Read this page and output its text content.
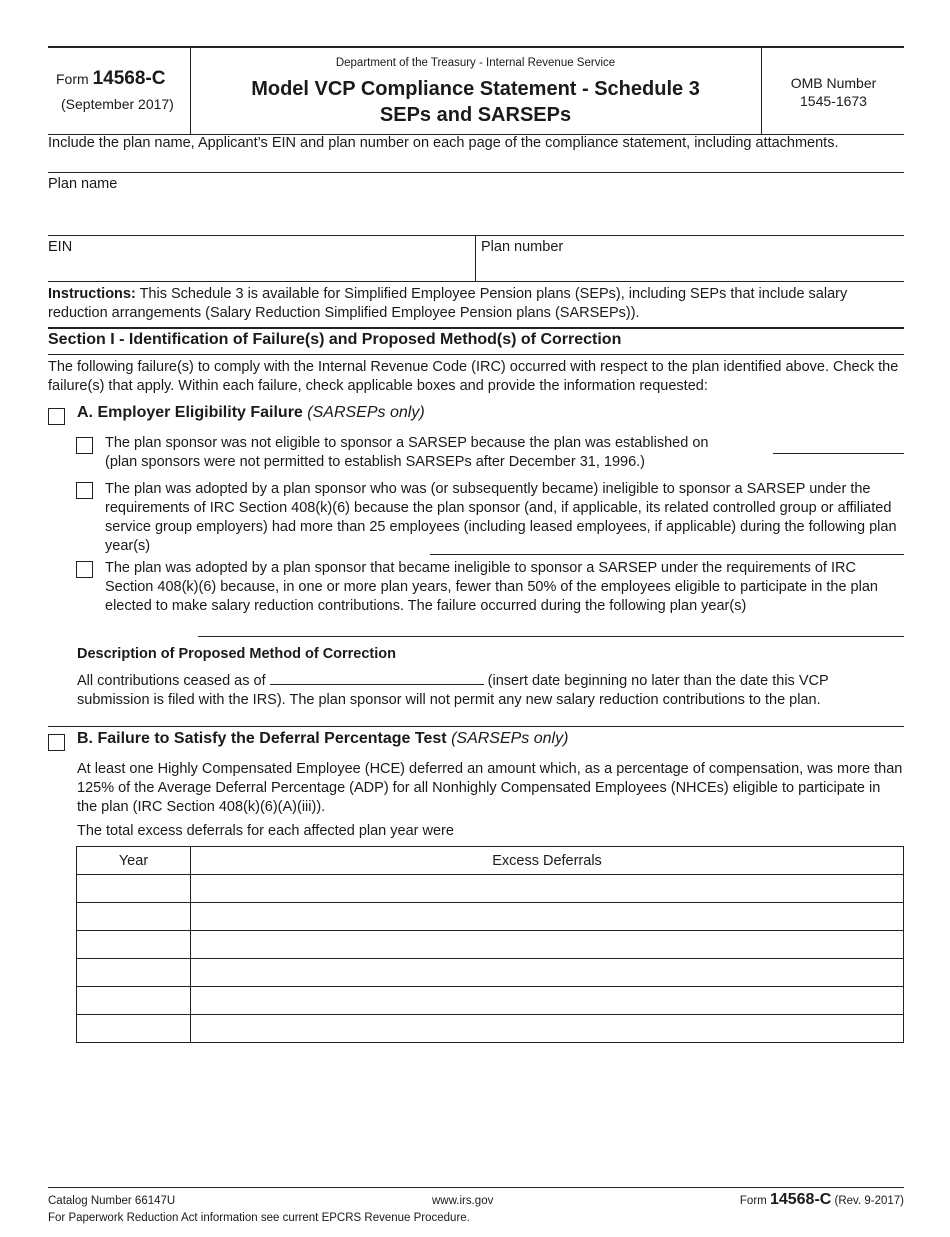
Form 14568-C
(September 2017)
Department of the Treasury - Internal Revenue Service
Model VCP Compliance Statement - Schedule 3
SEPs and SARSEPs
OMB Number
1545-1673
Include the plan name, Applicant’s EIN and plan number on each page of the compliance statement, including attachments.
Plan name
EIN	Plan number
Instructions: This Schedule 3 is available for Simplified Employee Pension plans (SEPs), including SEPs that include salary reduction arrangements (Salary Reduction Simplified Employee Pension plans (SARSEPs)).
Section I - Identification of Failure(s) and Proposed Method(s) of Correction
The following failure(s) to comply with the Internal Revenue Code (IRC) occurred with respect to the plan identified above. Check the failure(s) that apply. Within each failure, check applicable boxes and provide the information requested:
A. Employer Eligibility Failure (SARSEPs only)
The plan sponsor was not eligible to sponsor a SARSEP because the plan was established on
(plan sponsors were not permitted to establish SARSEPs after December 31, 1996.)
The plan was adopted by a plan sponsor who was (or subsequently became) ineligible to sponsor a SARSEP under the requirements of IRC Section 408(k)(6) because the plan sponsor (and, if applicable, its related controlled group or affiliated service group employers) had more than 25 employees (including leased employees, if applicable) during the following plan year(s)
The plan was adopted by a plan sponsor that became ineligible to sponsor a SARSEP under the requirements of IRC Section 408(k)(6) because, in one or more plan years, fewer than 50% of the employees eligible to participate in the plan elected to make salary reduction contributions. The failure occurred during the following plan year(s)
Description of Proposed Method of Correction
All contributions ceased as of	(insert date beginning no later than the date this VCP
submission is filed with the IRS). The plan sponsor will not permit any new salary reduction contributions to the plan.
B. Failure to Satisfy the Deferral Percentage Test (SARSEPs only)
At least one Highly Compensated Employee (HCE) deferred an amount which, as a percentage of compensation, was more than 125% of the Average Deferral Percentage (ADP) for all Nonhighly Compensated Employees (NHCEs) eligible to participate in the plan (IRC Section 408(k)(6)(A)(iii)).
The total excess deferrals for each affected plan year were
Year	Excess Deferrals

Catalog Number 66147U
For Paperwork Reduction Act information see current EPCRS Revenue Procedure.
www.irs.gov	Form 14568-C (Rev. 9-2017)
